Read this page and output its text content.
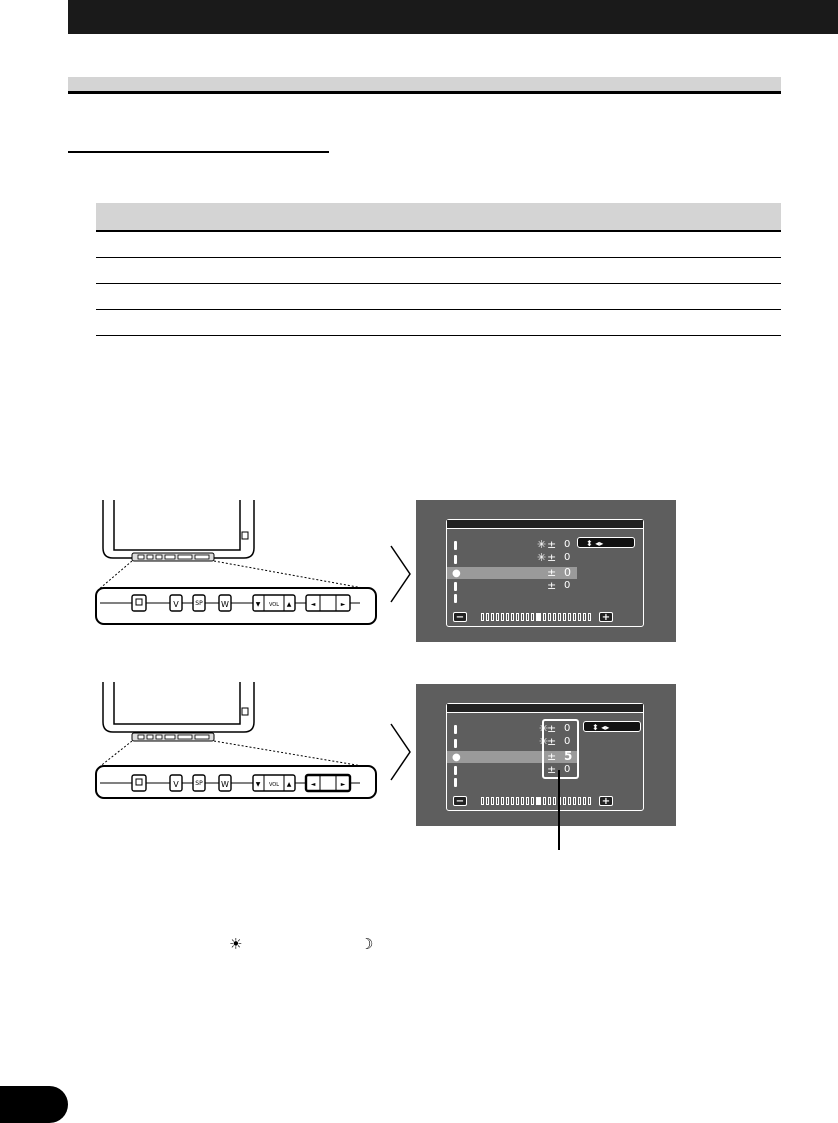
V	SP W	▼ VOL ▲	◄	►
●
✳ ± 0
✳ ± 0
± 0
± 0
⬍ ◂▸
−	+
V	SP W	▼ VOL ▲	◄	►
●
✳
± 0
✳
± 0
± 5
± 0
⬍ ◂▸
−	+
☀	☽
